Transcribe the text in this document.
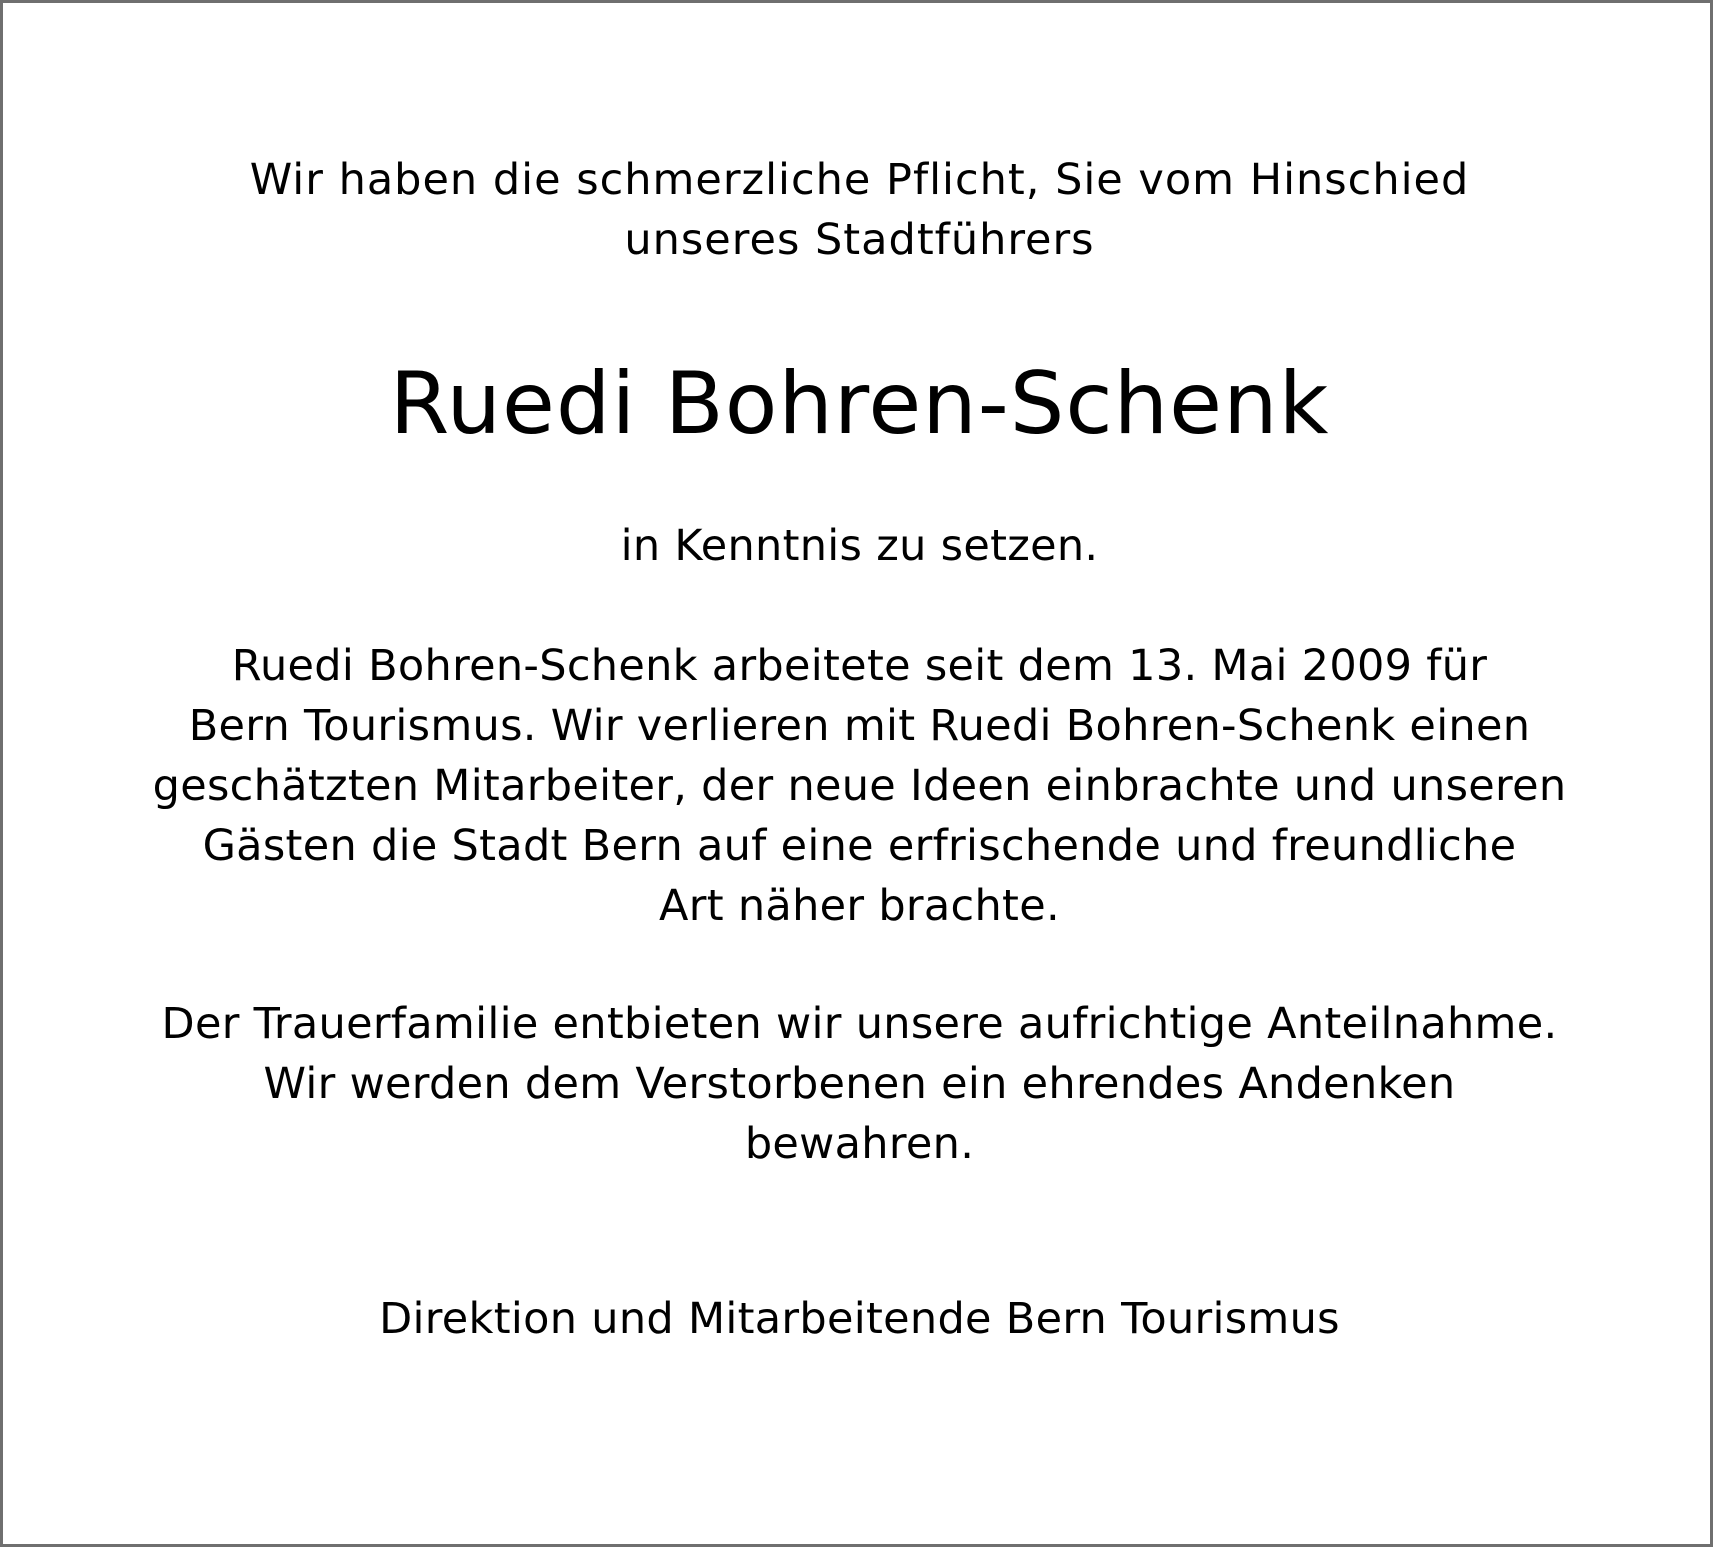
Wir haben die schmerzliche Pflicht, Sie vom Hinschied
unseres Stadtführers
Ruedi Bohren-Schenk
in Kenntnis zu setzen.
Ruedi Bohren-Schenk arbeitete seit dem 13. Mai 2009 für
Bern Tourismus. Wir verlieren mit Ruedi Bohren-Schenk einen
geschätzten Mitarbeiter, der neue Ideen einbrachte und unseren
Gästen die Stadt Bern auf eine erfrischende und freundliche
Art näher brachte.
Der Trauerfamilie entbieten wir unsere aufrichtige Anteilnahme.
Wir werden dem Verstorbenen ein ehrendes Andenken
bewahren.
Direktion und Mitarbeitende Bern Tourismus
